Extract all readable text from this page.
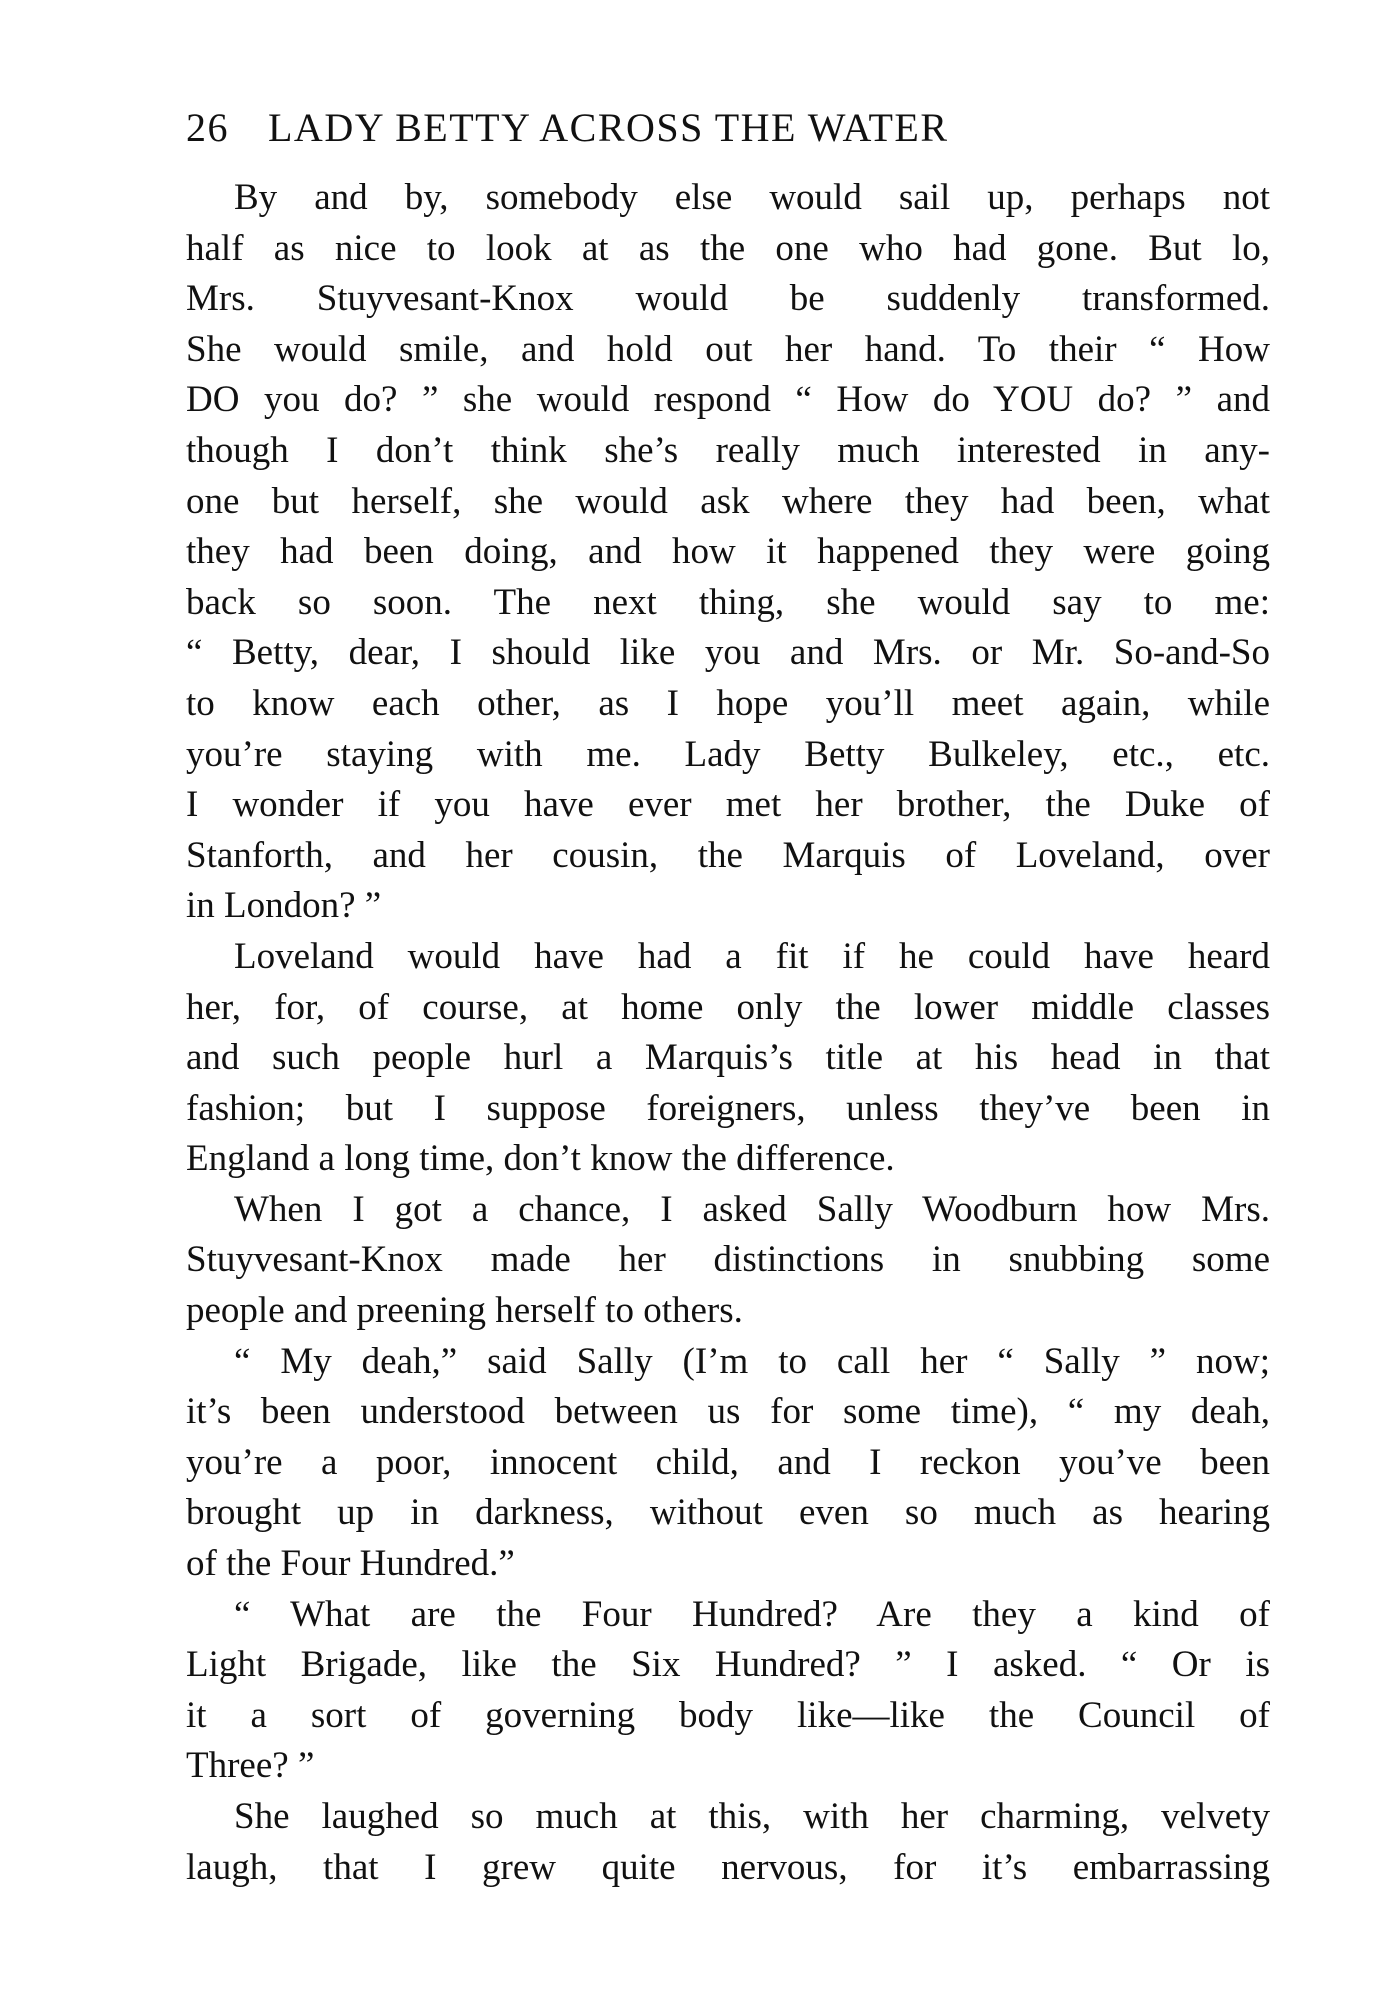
26 LADY BETTY ACROSS THE WATER
By and by, somebody else would sail up, perhaps not
half as nice to look at as the one who had gone. But lo,
Mrs. Stuyvesant-Knox would be suddenly transformed.
She would smile, and hold out her hand. To their “ How
DO you do? ” she would respond “ How do YOU do? ” and
though I don’t think she’s really much interested in any-
one but herself, she would ask where they had been, what
they had been doing, and how it happened they were going
back so soon. The next thing, she would say to me:
“ Betty, dear, I should like you and Mrs. or Mr. So-and-So
to know each other, as I hope you’ll meet again, while
you’re staying with me. Lady Betty Bulkeley, etc., etc.
I wonder if you have ever met her brother, the Duke of
Stanforth, and her cousin, the Marquis of Loveland, over
in London? ”
Loveland would have had a fit if he could have heard
her, for, of course, at home only the lower middle classes
and such people hurl a Marquis’s title at his head in that
fashion; but I suppose foreigners, unless they’ve been in
England a long time, don’t know the difference.
When I got a chance, I asked Sally Woodburn how Mrs.
Stuyvesant-Knox made her distinctions in snubbing some
people and preening herself to others.
“ My deah,” said Sally (I’m to call her “ Sally ” now;
it’s been understood between us for some time), “ my deah,
you’re a poor, innocent child, and I reckon you’ve been
brought up in darkness, without even so much as hearing
of the Four Hundred.”
“ What are the Four Hundred? Are they a kind of
Light Brigade, like the Six Hundred? ” I asked. “ Or is
it a sort of governing body like—like the Council of
Three? ”
She laughed so much at this, with her charming, velvety
laugh, that I grew quite nervous, for it’s embarrassing
